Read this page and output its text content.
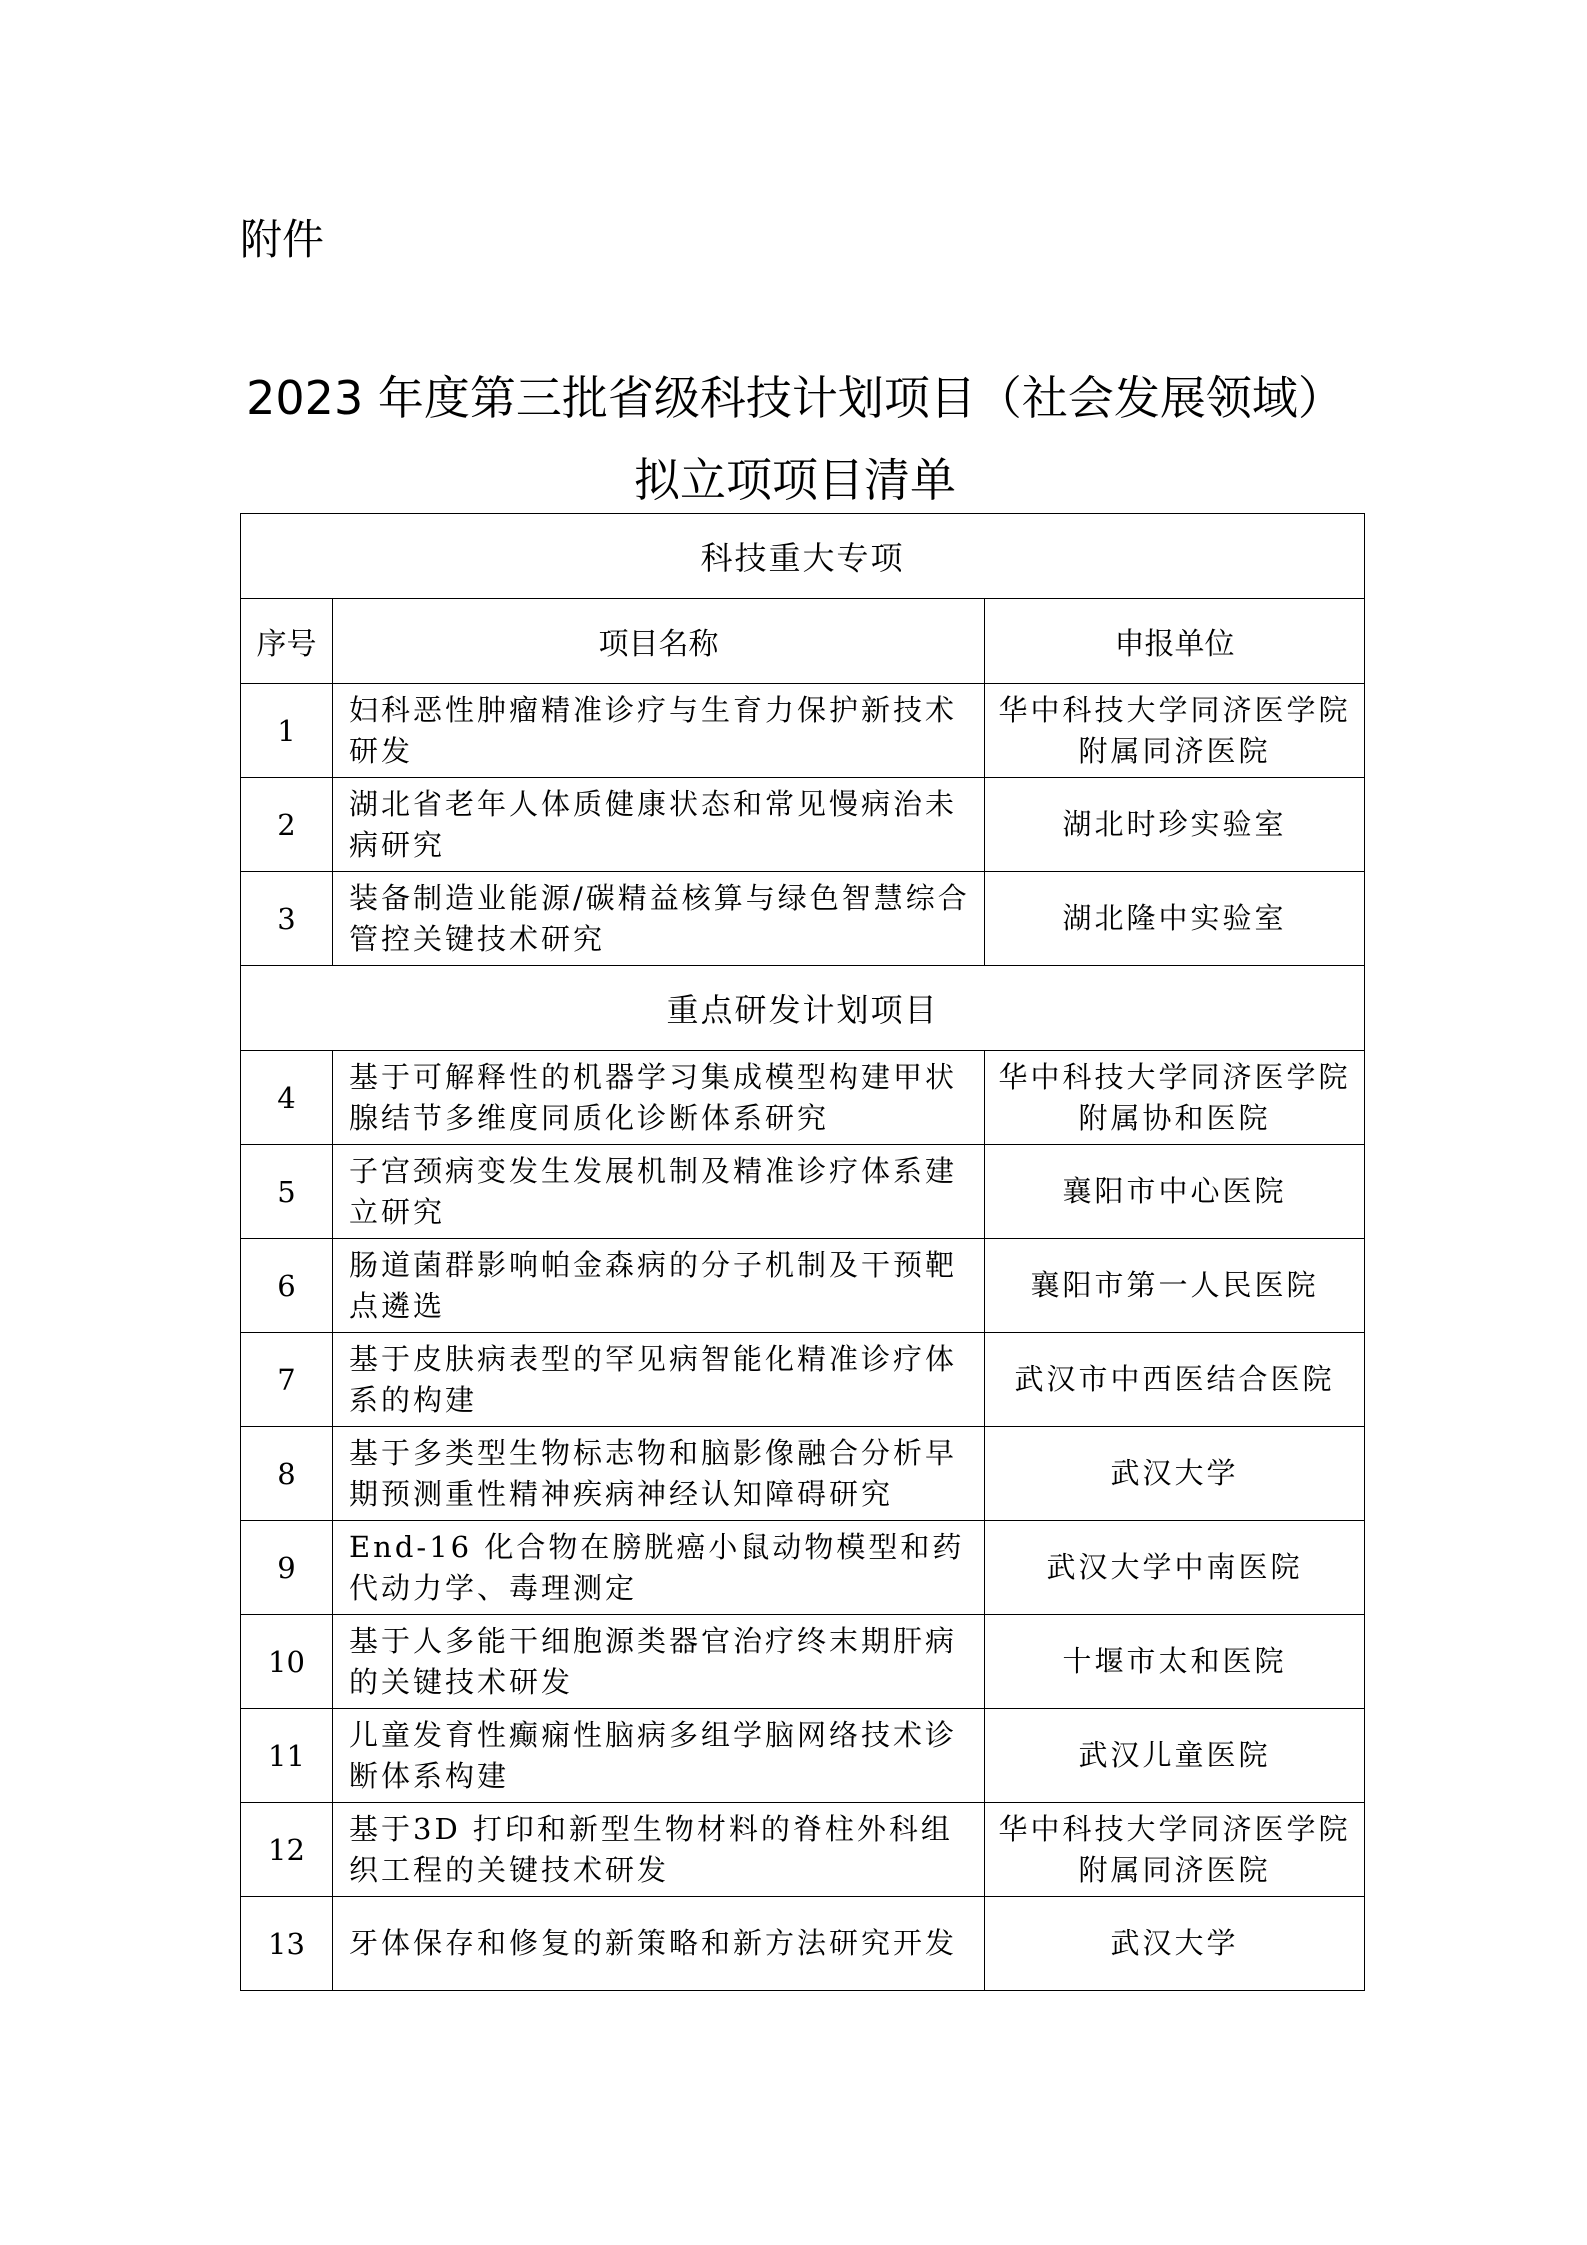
附件
2023 年度第三批省级科技计划项目（社会发展领域）
拟立项项目清单
科技重大专项		
序号	项目名称	申报单位
1	妇科恶性肿瘤精准诊疗与生育力保护新技术研发	华中科技大学同济医学院附属同济医院
2	湖北省老年人体质健康状态和常见慢病治未病研究	湖北时珍实验室
3	装备制造业能源/碳精益核算与绿色智慧综合管控关键技术研究	湖北隆中实验室
重点研发计划项目		
4	基于可解释性的机器学习集成模型构建甲状腺结节多维度同质化诊断体系研究	华中科技大学同济医学院附属协和医院
5	子宫颈病变发生发展机制及精准诊疗体系建立研究	襄阳市中心医院
6	肠道菌群影响帕金森病的分子机制及干预靶点遴选	襄阳市第一人民医院
7	基于皮肤病表型的罕见病智能化精准诊疗体系的构建	武汉市中西医结合医院
8	基于多类型生物标志物和脑影像融合分析早期预测重性精神疾病神经认知障碍研究	武汉大学
9	End-16 化合物在膀胱癌小鼠动物模型和药代动力学、毒理测定	武汉大学中南医院
10	基于人多能干细胞源类器官治疗终末期肝病的关键技术研发	十堰市太和医院
11	儿童发育性癫痫性脑病多组学脑网络技术诊断体系构建	武汉儿童医院
12	基于3D 打印和新型生物材料的脊柱外科组织工程的关键技术研发	华中科技大学同济医学院附属同济医院
13	牙体保存和修复的新策略和新方法研究开发	武汉大学
